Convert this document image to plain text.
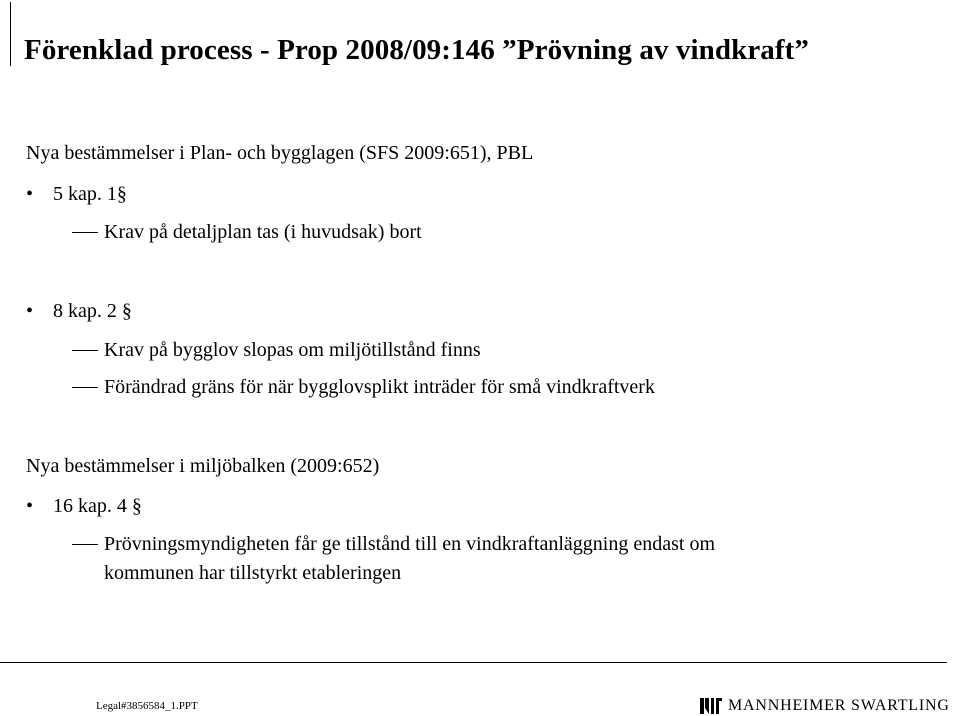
Förenklad process - Prop 2008/09:146 ”Prövning av vindkraft”

Nya bestämmelser i Plan- och bygglagen (SFS 2009:651), PBL

• 5 kap. 1§
Krav på detaljplan tas (i huvudsak) bort
• 8 kap. 2 §
Krav på bygglov slopas om miljötillstånd finns
Förändrad gräns för när bygglovsplikt inträder för små vindkraftverk

Nya bestämmelser i miljöbalken (2009:652)

• 16 kap. 4 §
Prövningsmyndigheten får ge tillstånd till en vindkraftanläggning endast om
kommunen har tillstyrkt etableringen
Legal#3856584_1.PPT	MANNHEIMER SWARTLING
